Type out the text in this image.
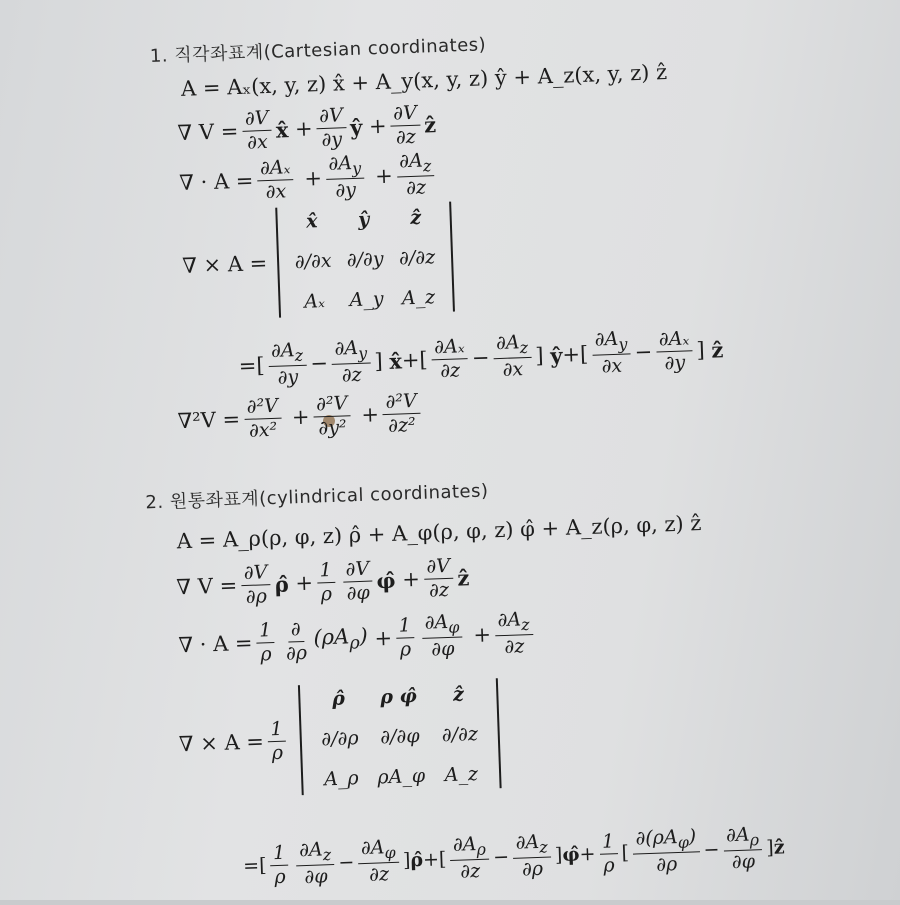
1. 직각좌표계(Cartesian coordinates)
A = Aₓ(x, y, z) x̂ + A_y(x, y, z) ŷ + A_z(x, y, z) ẑ
∇ $V = \frac{\partial V}{\partial x}$ x̂ + $\frac{\partial V}{\partial y}$ ŷ + $\frac{\partial V}{\partial z}$ ẑ
∇ · $A = \frac{\text{∂Aₓ}}{\partial x} + \frac{\partial A_y}{\partial y} + \frac{\partial A_z}{\partial z}$
∇ × A =
x̂ ŷ ẑ
∂/∂x ∂/∂y ∂/∂z
Aₓ A_y A_z
=[ $\frac{\partial A_z}{\partial y} - \frac{\partial A_y}{\partial z}$ ] x̂ +[ $\frac{\text{∂Aₓ}}{\partial z} - \frac{\partial A_z}{\partial x}$ ] ŷ +[ $\frac{\partial A_y}{\partial x} - \frac{\text{∂Aₓ}}{\partial y}$ ] ẑ
$\nabla^2V = \frac{\text{∂²V}}{\text{∂x²}} + \frac{\text{∂²V}}{\text{∂y²}} + \frac{\text{∂²V}}{\text{∂z²}}$
2. 원통좌표계(cylindrical coordinates)
A = A_ρ(ρ, φ, z) ρ̂ + A_φ(ρ, φ, z) φ̂ + A_z(ρ, φ, z) ẑ
∇ $V = \frac{\partial V}{\partial\rho}$ ρ̂ + $\frac{1}{\rho} \frac{\partial V}{\partial\varphi}$ φ̂ + $\frac{\partial V}{\partial z}$ ẑ
∇ · $A = \frac{1}{\rho} \frac{\partial}{\partial\rho} (\rho A_\rho) + \frac{1}{\rho} \frac{\partial A_\varphi}{\partial\varphi} + \frac{\partial A_z}{\partial z}$
∇ × $A = \frac{1}{\rho}$
ρ̂ ρ φ̂ ẑ
∂/∂ρ ∂/∂φ ∂/∂z
A_ρ ρA_φ A_z
=[ $\frac{1}{\rho} \frac{\partial A_z}{\partial\varphi} - \frac{\partial A_\varphi}{\partial z}$ ] ρ̂ +[ $\frac{\partial A_\rho}{\partial z} - \frac{\partial A_z}{\partial\rho}$ ] φ̂ + $\frac{1}{\rho}$ [ $\frac{\partial(\rho A_\varphi)}{\partial\rho} - \frac{\partial A_\rho}{\partial\varphi}$ ] ẑ
